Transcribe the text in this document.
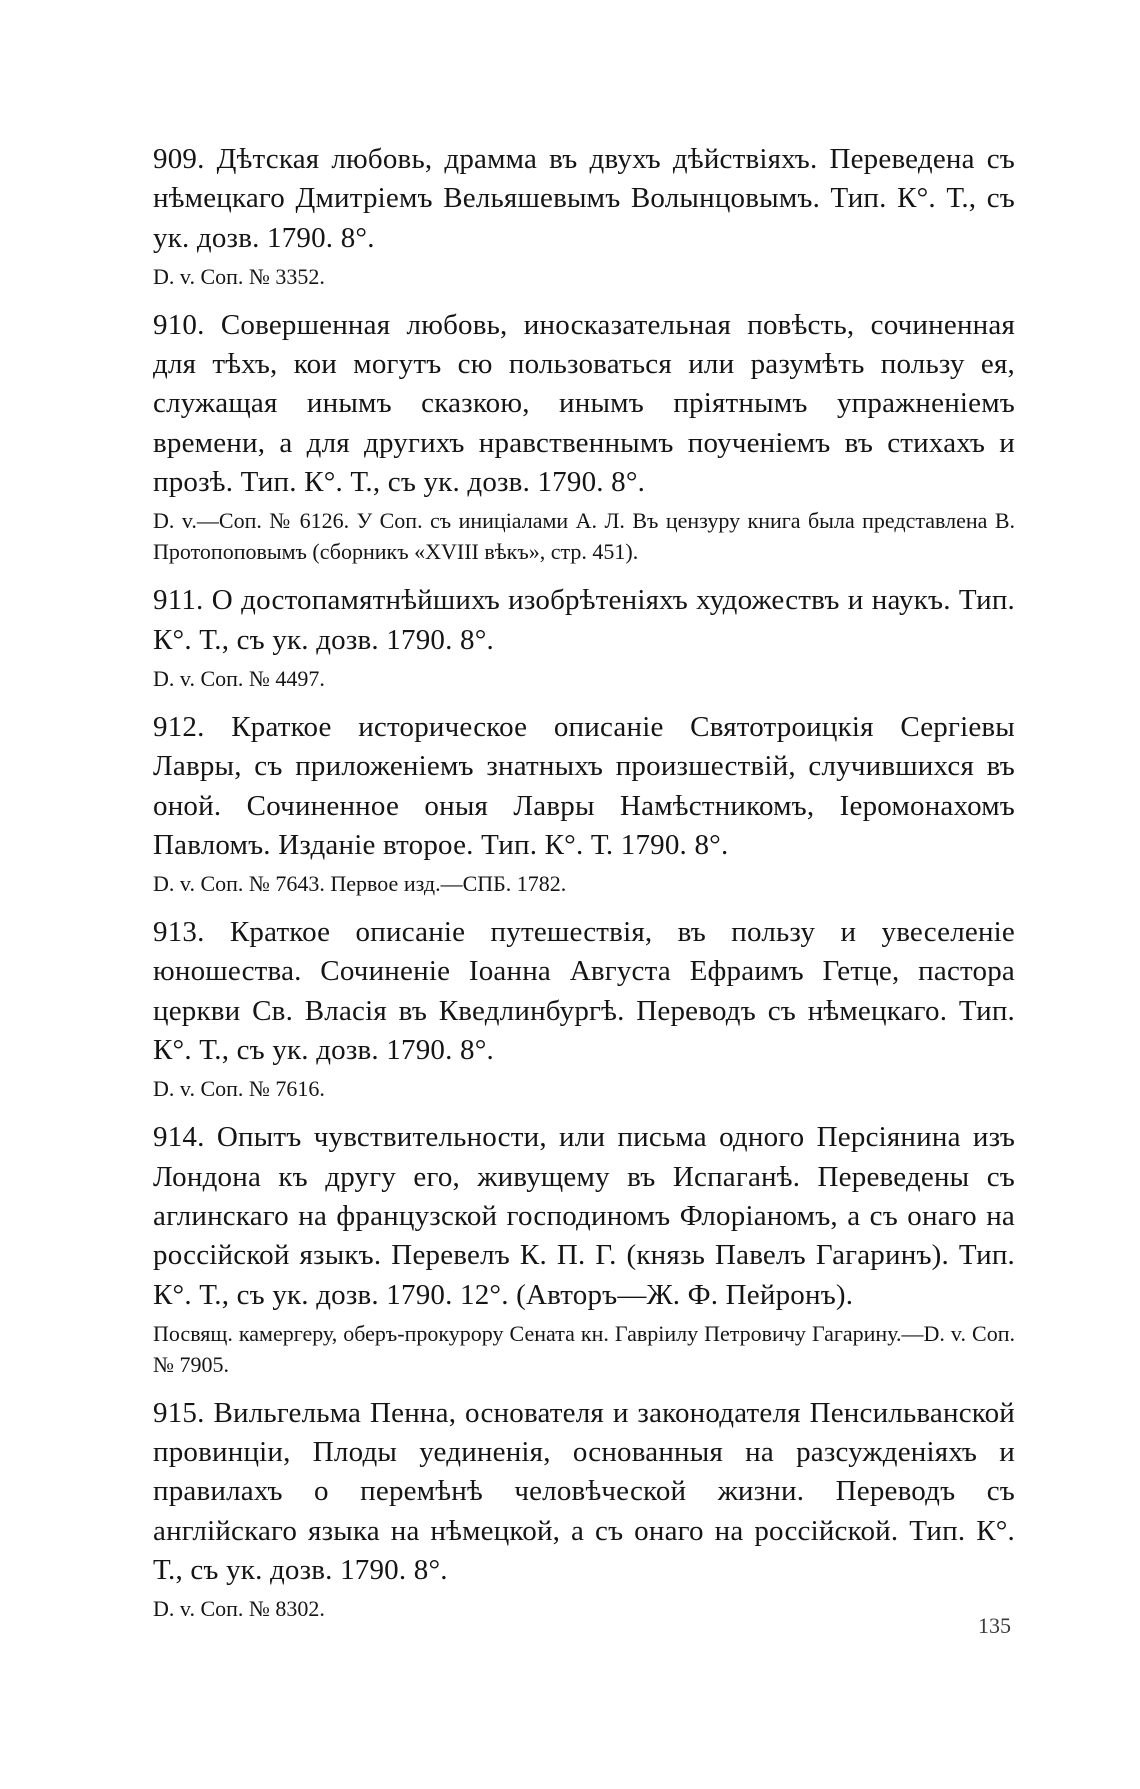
909. Дѣтская любовь, драмма въ двухъ дѣйствіяхъ. Переведена съ нѣмецкаго Дмитріемъ Вельяшевымъ Волынцовымъ. Тип. К°. Т., съ ук. дозв. 1790. 8°.

D. v. Соп. № 3352.

910. Совершенная любовь, иносказательная повѣсть, сочиненная для тѣхъ, кои могутъ сю пользоваться или разумѣть пользу ея, служащая инымъ сказкою, инымъ пріятнымъ упражненіемъ времени, а для другихъ нравственнымъ поученіемъ въ стихахъ и прозѣ. Тип. К°. Т., съ ук. дозв. 1790. 8°.

D. v.—Соп. № 6126. У Соп. съ иниціалами А. Л. Въ цензуру книга была представлена В. Протопоповымъ (сборникъ «XVIII вѣкъ», стр. 451).

911. О достопамятнѣйшихъ изобрѣтеніяхъ художествъ и наукъ. Тип. К°. Т., съ ук. дозв. 1790. 8°.

D. v. Соп. № 4497.

912. Краткое историческое описаніе Святотроицкія Сергіевы Лавры, съ приложеніемъ знатныхъ произшествій, случившихся въ оной. Сочиненное оныя Лавры Намѣстникомъ, Іеромонахомъ Павломъ. Изданіе второе. Тип. К°. Т. 1790. 8°.

D. v. Соп. № 7643. Первое изд.—СПБ. 1782.

913. Краткое описаніе путешествія, въ пользу и увеселеніе юношества. Сочиненіе Іоанна Августа Ефраимъ Гетце, пастора церкви Св. Власія въ Кведлинбургѣ. Переводъ съ нѣмецкаго. Тип. К°. Т., съ ук. дозв. 1790. 8°.

D. v. Соп. № 7616.

914. Опытъ чувствительности, или письма одного Персіянина изъ Лондона къ другу его, живущему въ Испаганѣ. Переведены съ аглинскаго на французской господиномъ Флоріаномъ, а съ онаго на россійской языкъ. Перевелъ К. П. Г. (князь Павелъ Гагаринъ). Тип. К°. Т., съ ук. дозв. 1790. 12°. (Авторъ—Ж. Ф. Пейронъ).

Посвящ. камергеру, оберъ-прокурору Сената кн. Гавріилу Петровичу Гагарину.—D. v. Соп. № 7905.

915. Вильгельма Пенна, основателя и законодателя Пенсильванской провинціи, Плоды уединенія, основанныя на разсужденіяхъ и правилахъ о перемѣнѣ человѣческой жизни. Переводъ съ англійскаго языка на нѣмецкой, а съ онаго на россійской. Тип. К°. Т., съ ук. дозв. 1790. 8°.

D. v. Соп. № 8302.

135
